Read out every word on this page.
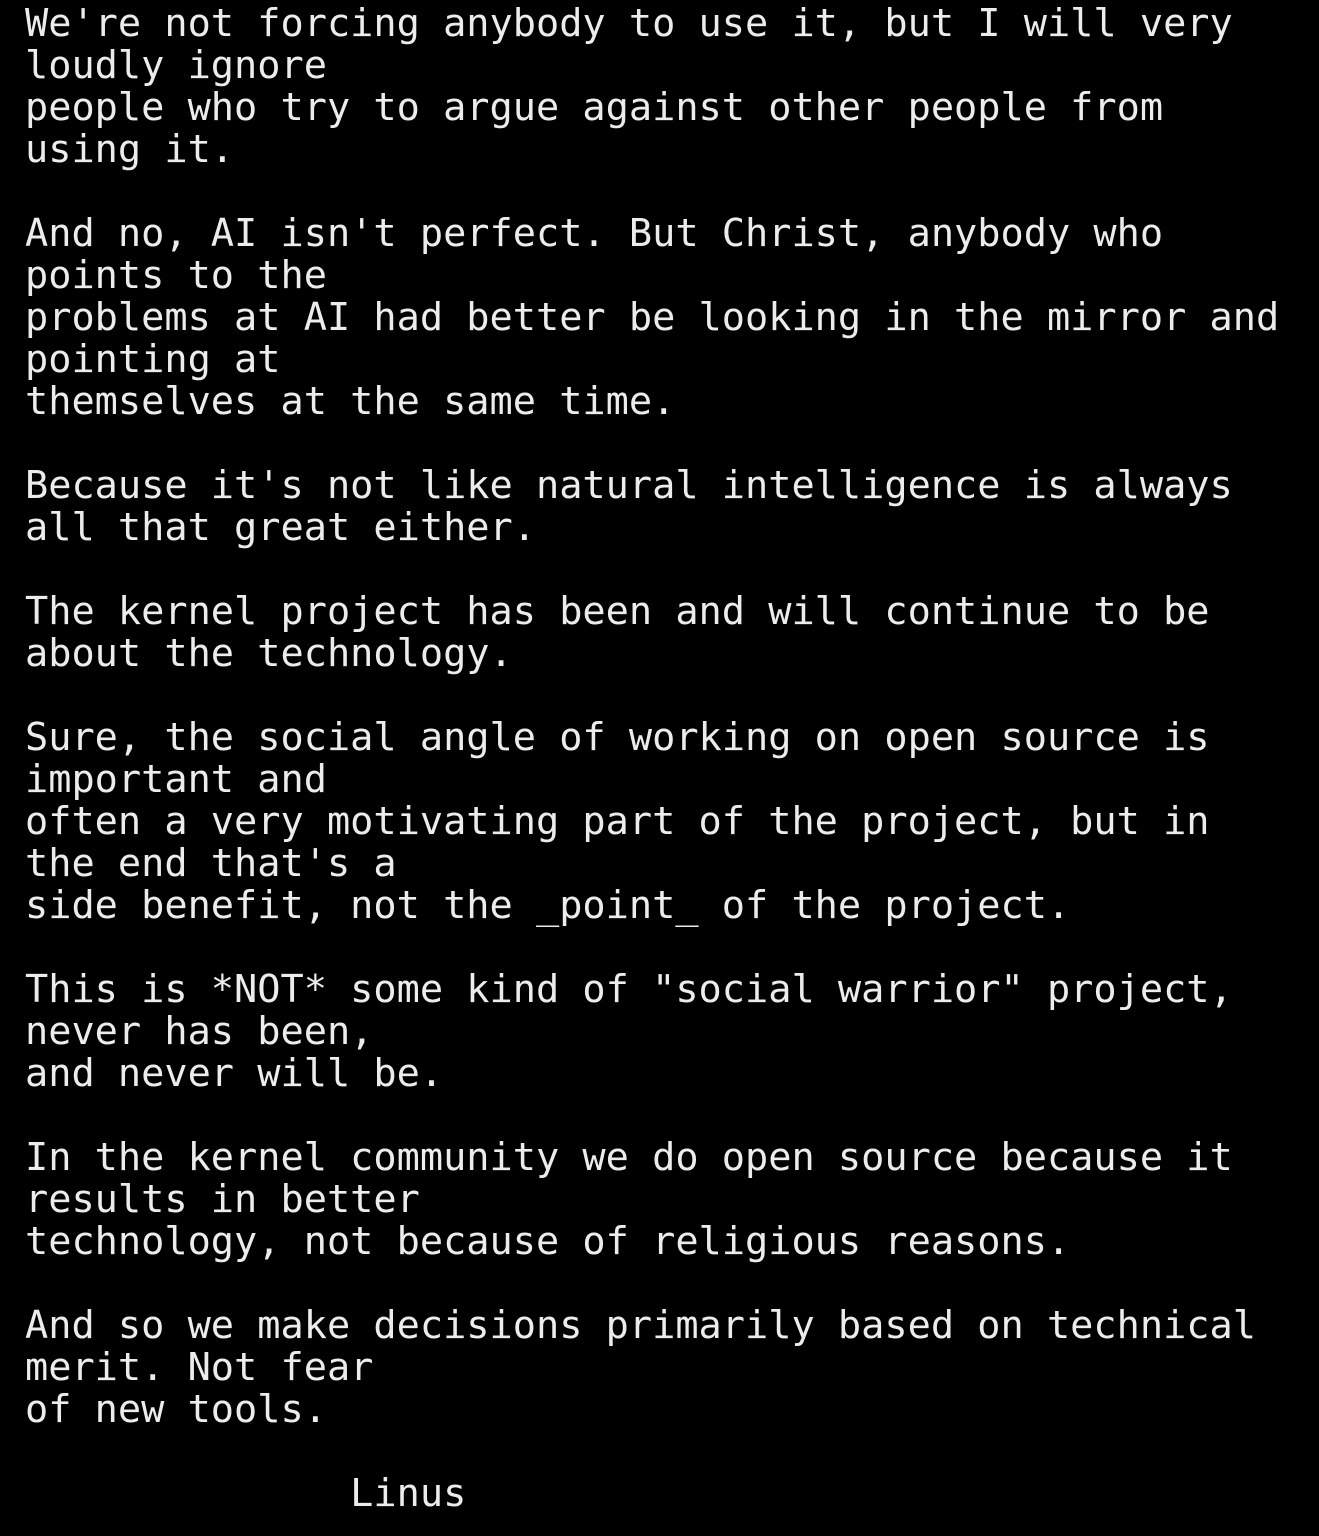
We're not forcing anybody to use it, but I will very
loudly ignore
people who try to argue against other people from
using it.
And no, AI isn't perfect. But Christ, anybody who
points to the
problems at AI had better be looking in the mirror and
pointing at
themselves at the same time.
Because it's not like natural intelligence is always
all that great either.
The kernel project has been and will continue to be
about the technology.
Sure, the social angle of working on open source is
important and
often a very motivating part of the project, but in
the end that's a
side benefit, not the _point_ of the project.
This is *NOT* some kind of "social warrior" project,
never has been,
and never will be.
In the kernel community we do open source because it
results in better
technology, not because of religious reasons.
And so we make decisions primarily based on technical
merit. Not fear
of new tools.
Linus
